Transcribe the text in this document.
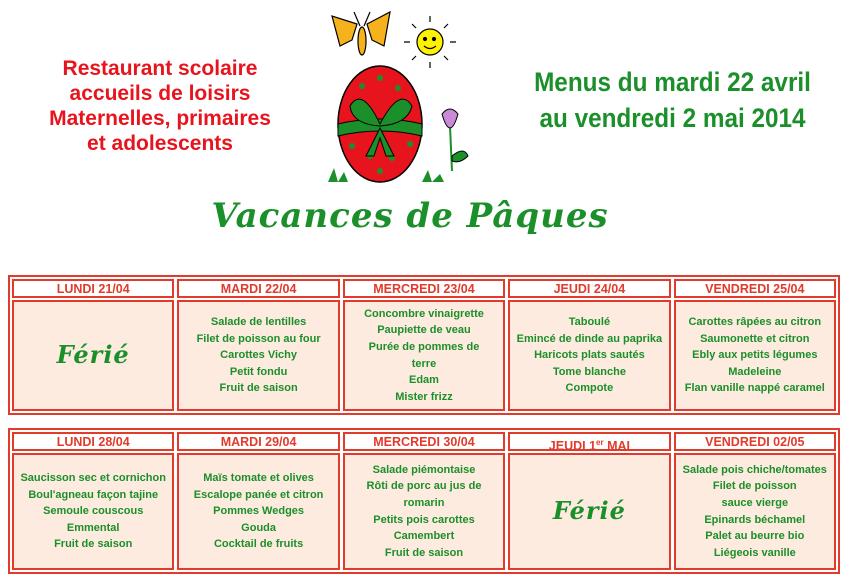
Restaurant scolaire
accueils de loisirs
Maternelles, primaires
et adolescents
Menus du mardi 22 avril
au vendredi 2 mai 2014
Vacances de Pâques
LUNDI 21/04
Férié
MARDI 22/04
Salade de lentilles
Filet de poisson au four
Carottes Vichy
Petit fondu
Fruit de saison
MERCREDI 23/04
Concombre vinaigrette
Paupiette de veau
Purée de pommes de
terre
Edam
Mister frizz
JEUDI 24/04
Taboulé
Emincé de dinde au paprika
Haricots plats sautés
Tome blanche
Compote
VENDREDI 25/04
Carottes râpées au citron
Saumonette et citron
Ebly aux petits légumes
Madeleine
Flan vanille nappé caramel
LUNDI 28/04
Saucisson sec et cornichon
Boul'agneau façon tajine
Semoule couscous
Emmental
Fruit de saison
MARDI 29/04
Maïs tomate et olives
Escalope panée et citron
Pommes Wedges
Gouda
Cocktail de fruits
MERCREDI 30/04
Salade piémontaise
Rôti de porc au jus de
romarin
Petits pois carottes
Camembert
Fruit de saison
JEUDI 1er MAI
Férié
VENDREDI 02/05
Salade pois chiche/tomates
Filet de poisson
sauce vierge
Epinards béchamel
Palet au beurre bio
Liégeois vanille
